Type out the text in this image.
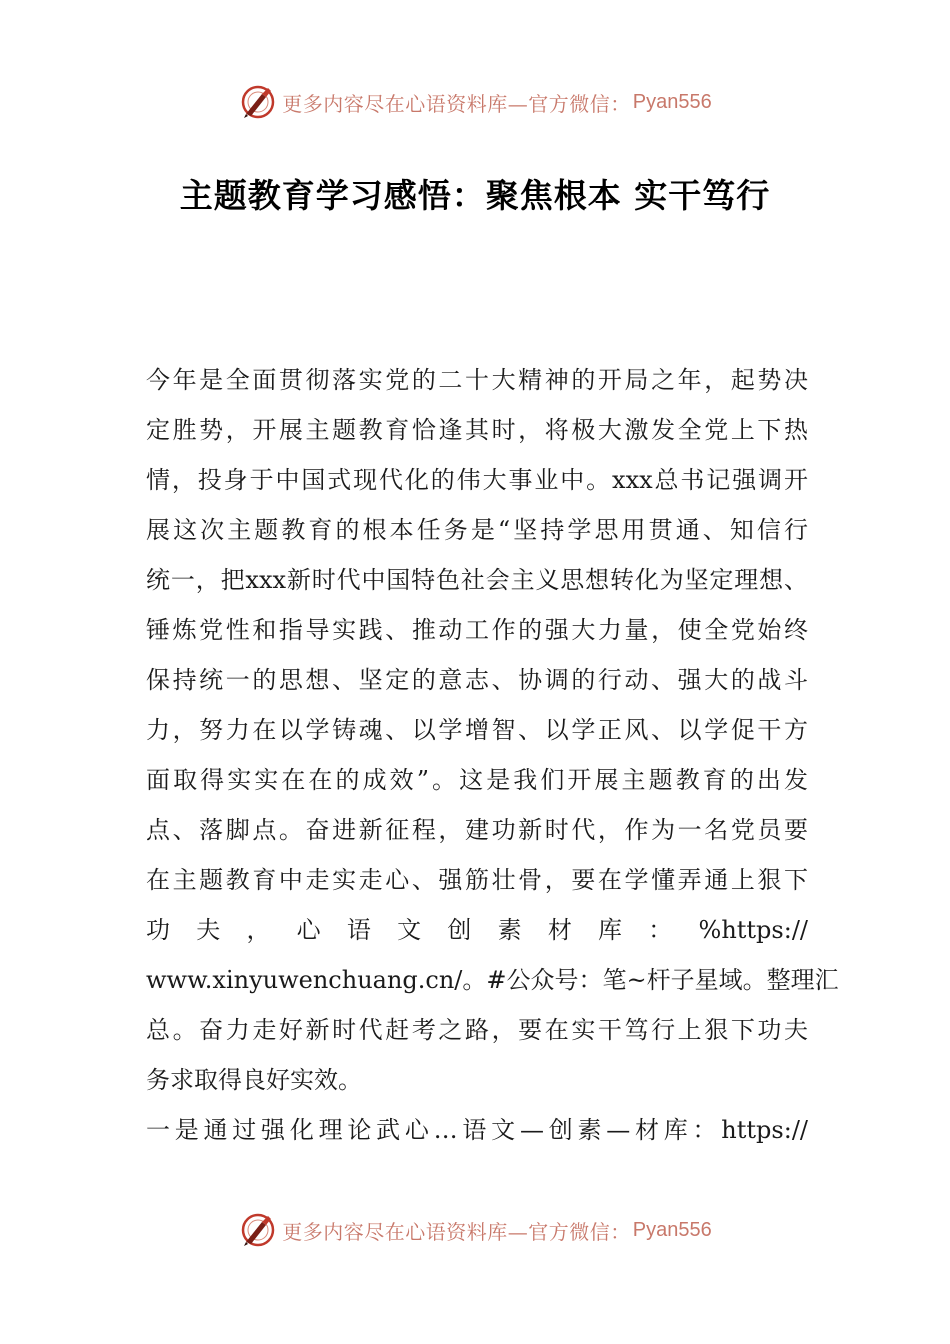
更多内容尽在心语资料库—官方微信： Pyan556
主题教育学习感悟：聚焦根本 实干笃行
今年是全面贯彻落实党的二十大精神的开局之年，起势决
定胜势，开展主题教育恰逢其时，将极大激发全党上下热
情，投身于中国式现代化的伟大事业中。xxx总书记强调开
展这次主题教育的根本任务是“坚持学思用贯通、知信行
统一，把xxx新时代中国特色社会主义思想转化为坚定理想、
锤炼党性和指导实践、推动工作的强大力量，使全党始终
保持统一的思想、坚定的意志、协调的行动、强大的战斗
力，努力在以学铸魂、以学增智、以学正风、以学促干方
面取得实实在在的成效”。这是我们开展主题教育的出发
点、落脚点。奋进新征程，建功新时代，作为一名党员要
在主题教育中走实走心、强筋壮骨，要在学懂弄通上狠下
功 夫 ， 心 语 文 创 素 材 库 ： %https://
www.xinyuwenchuang.cn/。#公众号：笔~杆子星域。整理汇
总。奋力走好新时代赶考之路，要在实干笃行上狠下功夫
务求取得良好实效。
一是通过强化理论武心…语文—创素—材库：https://
更多内容尽在心语资料库—官方微信： Pyan556
